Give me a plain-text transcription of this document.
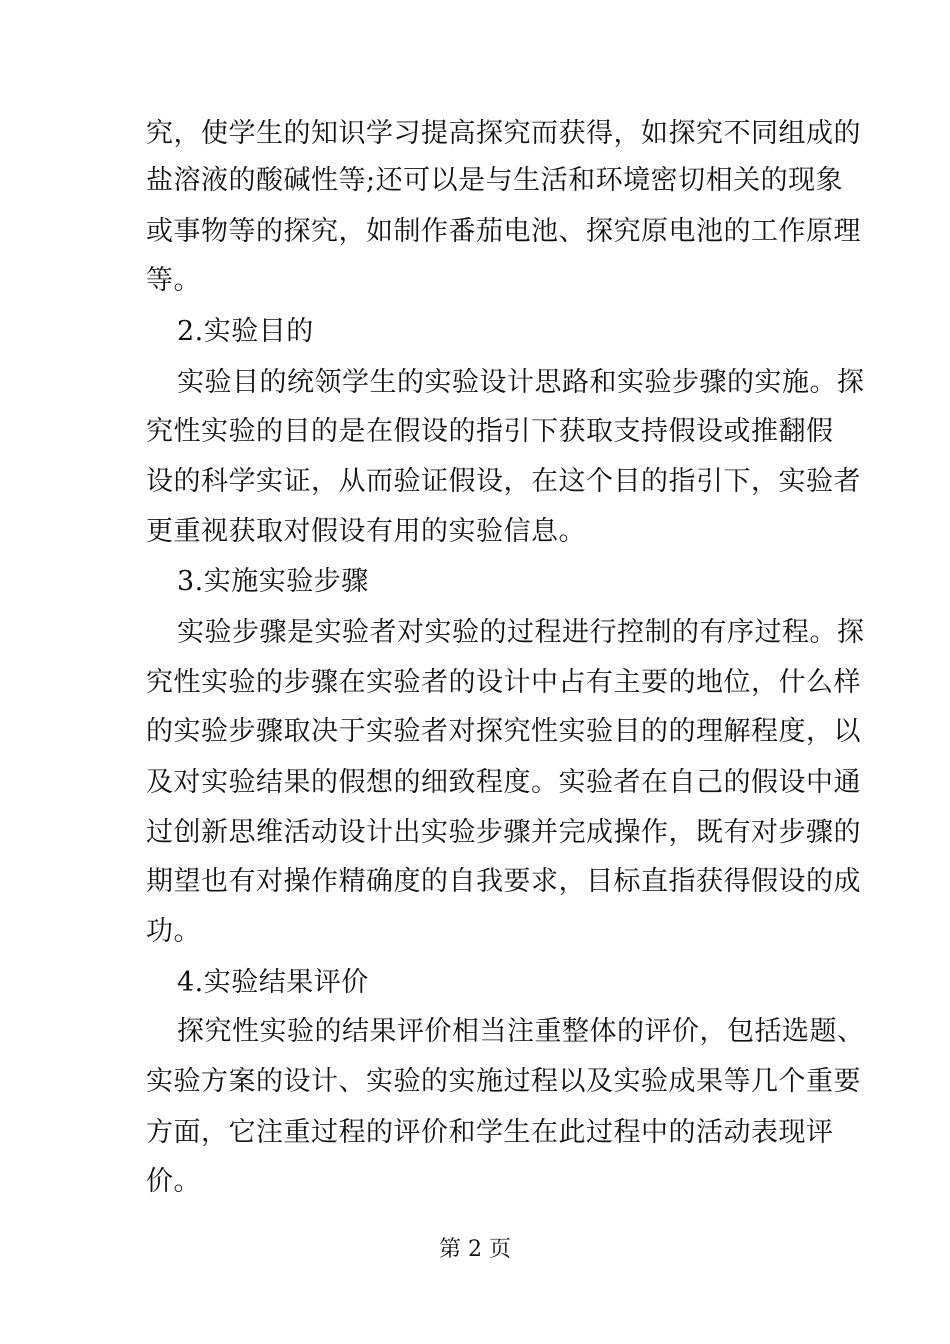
究，使学生的知识学习提高探究而获得，如探究不同组成的
盐溶液的酸碱性等;还可以是与生活和环境密切相关的现象
或事物等的探究，如制作番茄电池、探究原电池的工作原理
等。
2.实验目的
实验目的统领学生的实验设计思路和实验步骤的实施。探
究性实验的目的是在假设的指引下获取支持假设或推翻假
设的科学实证，从而验证假设，在这个目的指引下，实验者
更重视获取对假设有用的实验信息。
3.实施实验步骤
实验步骤是实验者对实验的过程进行控制的有序过程。探
究性实验的步骤在实验者的设计中占有主要的地位，什么样
的实验步骤取决于实验者对探究性实验目的的理解程度，以
及对实验结果的假想的细致程度。实验者在自己的假设中通
过创新思维活动设计出实验步骤并完成操作，既有对步骤的
期望也有对操作精确度的自我要求，目标直指获得假设的成
功。
4.实验结果评价
探究性实验的结果评价相当注重整体的评价，包括选题、
实验方案的设计、实验的实施过程以及实验成果等几个重要
方面，它注重过程的评价和学生在此过程中的活动表现评
价。
第 2 页
